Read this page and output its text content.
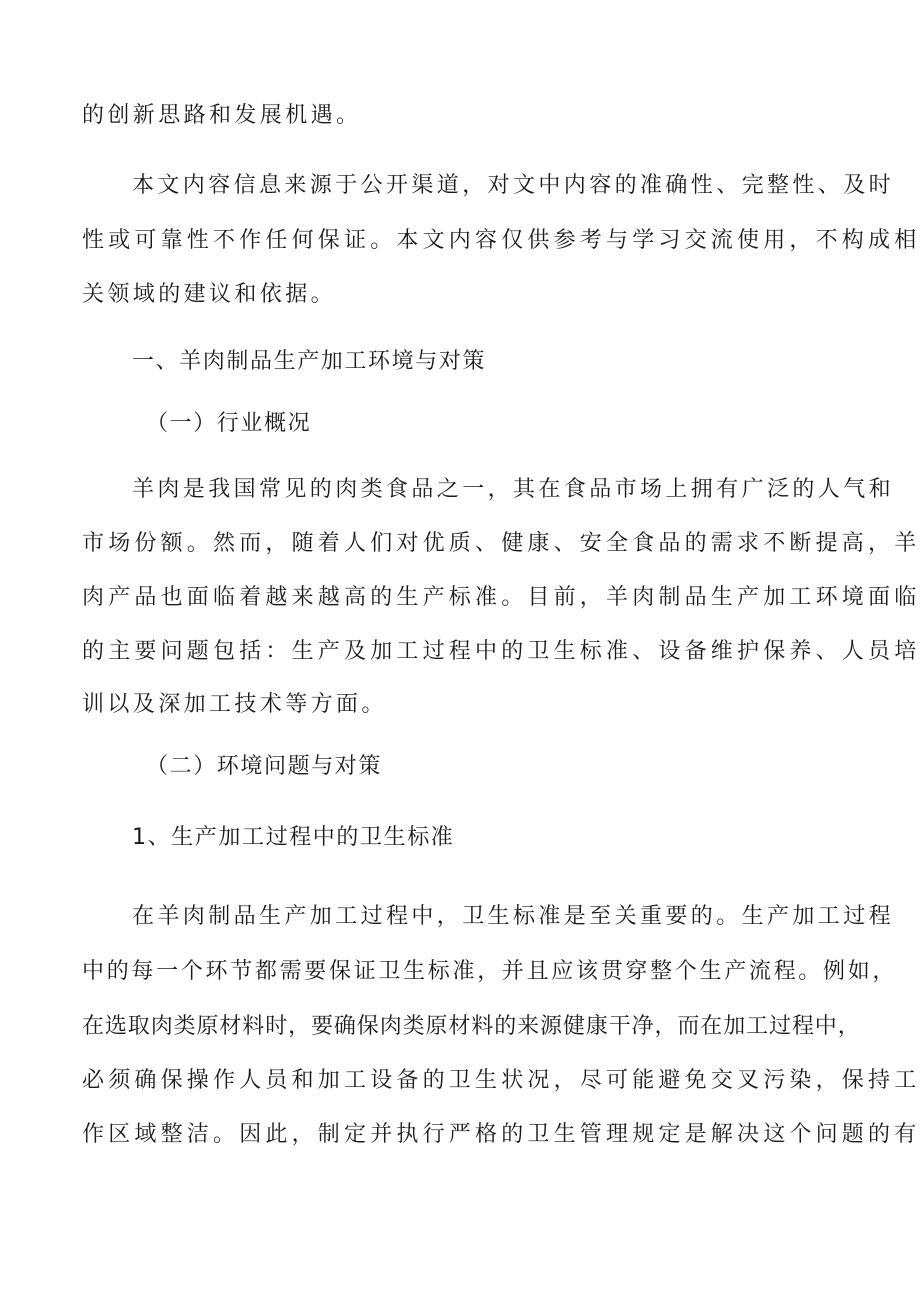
的创新思路和发展机遇。
本文内容信息来源于公开渠道，对文中内容的准确性、完整性、及时
性或可靠性不作任何保证。本文内容仅供参考与学习交流使用，不构成相
关领域的建议和依据。
一、羊肉制品生产加工环境与对策
（一）行业概况
羊肉是我国常见的肉类食品之一，其在食品市场上拥有广泛的人气和
市场份额。然而，随着人们对优质、健康、安全食品的需求不断提高，羊
肉产品也面临着越来越高的生产标准。目前，羊肉制品生产加工环境面临
的主要问题包括：生产及加工过程中的卫生标准、设备维护保养、人员培
训以及深加工技术等方面。
（二）环境问题与对策
1、生产加工过程中的卫生标准
在羊肉制品生产加工过程中，卫生标准是至关重要的。生产加工过程
中的每一个环节都需要保证卫生标准，并且应该贯穿整个生产流程。例如，
在选取肉类原材料时，要确保肉类原材料的来源健康干净，而在加工过程中，
必须确保操作人员和加工设备的卫生状况，尽可能避免交叉污染，保持工
作区域整洁。因此，制定并执行严格的卫生管理规定是解决这个问题的有
